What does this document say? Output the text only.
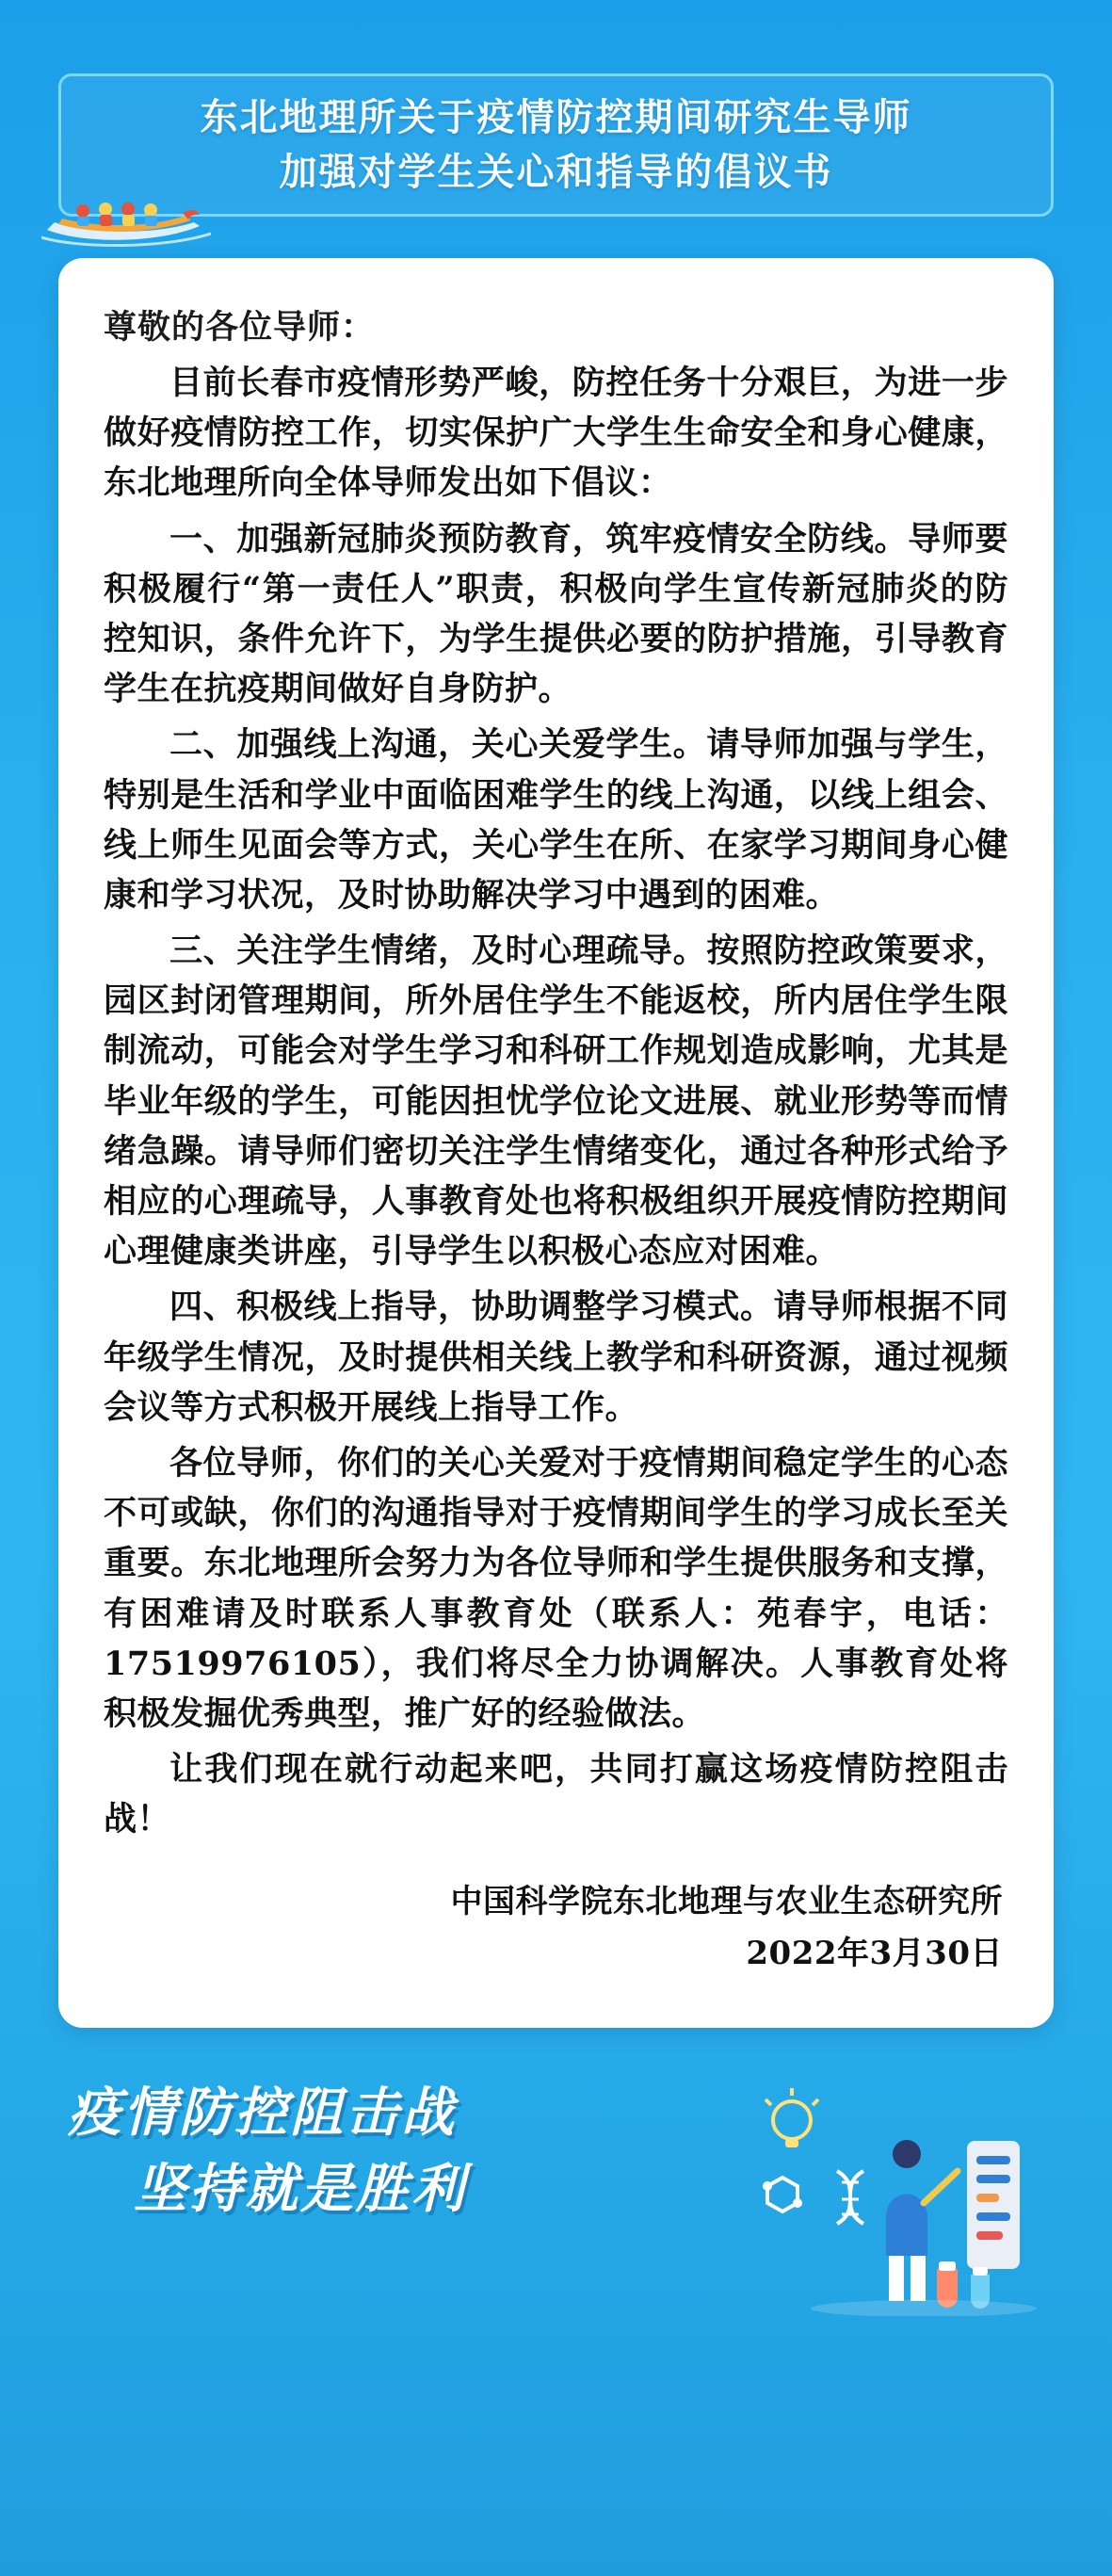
东北地理所关于疫情防控期间研究生导师
加强对学生关心和指导的倡议书
尊敬的各位导师：

目前长春市疫情形势严峻，防控任务十分艰巨，为进一步做好疫情防控工作，切实保护广大学生生命安全和身心健康，东北地理所向全体导师发出如下倡议：

一、加强新冠肺炎预防教育，筑牢疫情安全防线。导师要积极履行“第一责任人”职责，积极向学生宣传新冠肺炎的防控知识，条件允许下，为学生提供必要的防护措施，引导教育学生在抗疫期间做好自身防护。

二、加强线上沟通，关心关爱学生。请导师加强与学生，特别是生活和学业中面临困难学生的线上沟通，以线上组会、线上师生见面会等方式，关心学生在所、在家学习期间身心健康和学习状况，及时协助解决学习中遇到的困难。

三、关注学生情绪，及时心理疏导。按照防控政策要求，园区封闭管理期间，所外居住学生不能返校，所内居住学生限制流动，可能会对学生学习和科研工作规划造成影响，尤其是毕业年级的学生，可能因担忧学位论文进展、就业形势等而情绪急躁。请导师们密切关注学生情绪变化，通过各种形式给予相应的心理疏导，人事教育处也将积极组织开展疫情防控期间心理健康类讲座，引导学生以积极心态应对困难。

四、积极线上指导，协助调整学习模式。请导师根据不同年级学生情况，及时提供相关线上教学和科研资源，通过视频会议等方式积极开展线上指导工作。

各位导师，你们的关心关爱对于疫情期间稳定学生的心态不可或缺，你们的沟通指导对于疫情期间学生的学习成长至关重要。东北地理所会努力为各位导师和学生提供服务和支撑，有困难请及时联系人事教育处（联系人：苑春宇，电话：17519976105），我们将尽全力协调解决。人事教育处将积极发掘优秀典型，推广好的经验做法。

让我们现在就行动起来吧，共同打赢这场疫情防控阻击战！

中国科学院东北地理与农业生态研究所
2022年3月30日
疫情防控阻击战
坚持就是胜利
